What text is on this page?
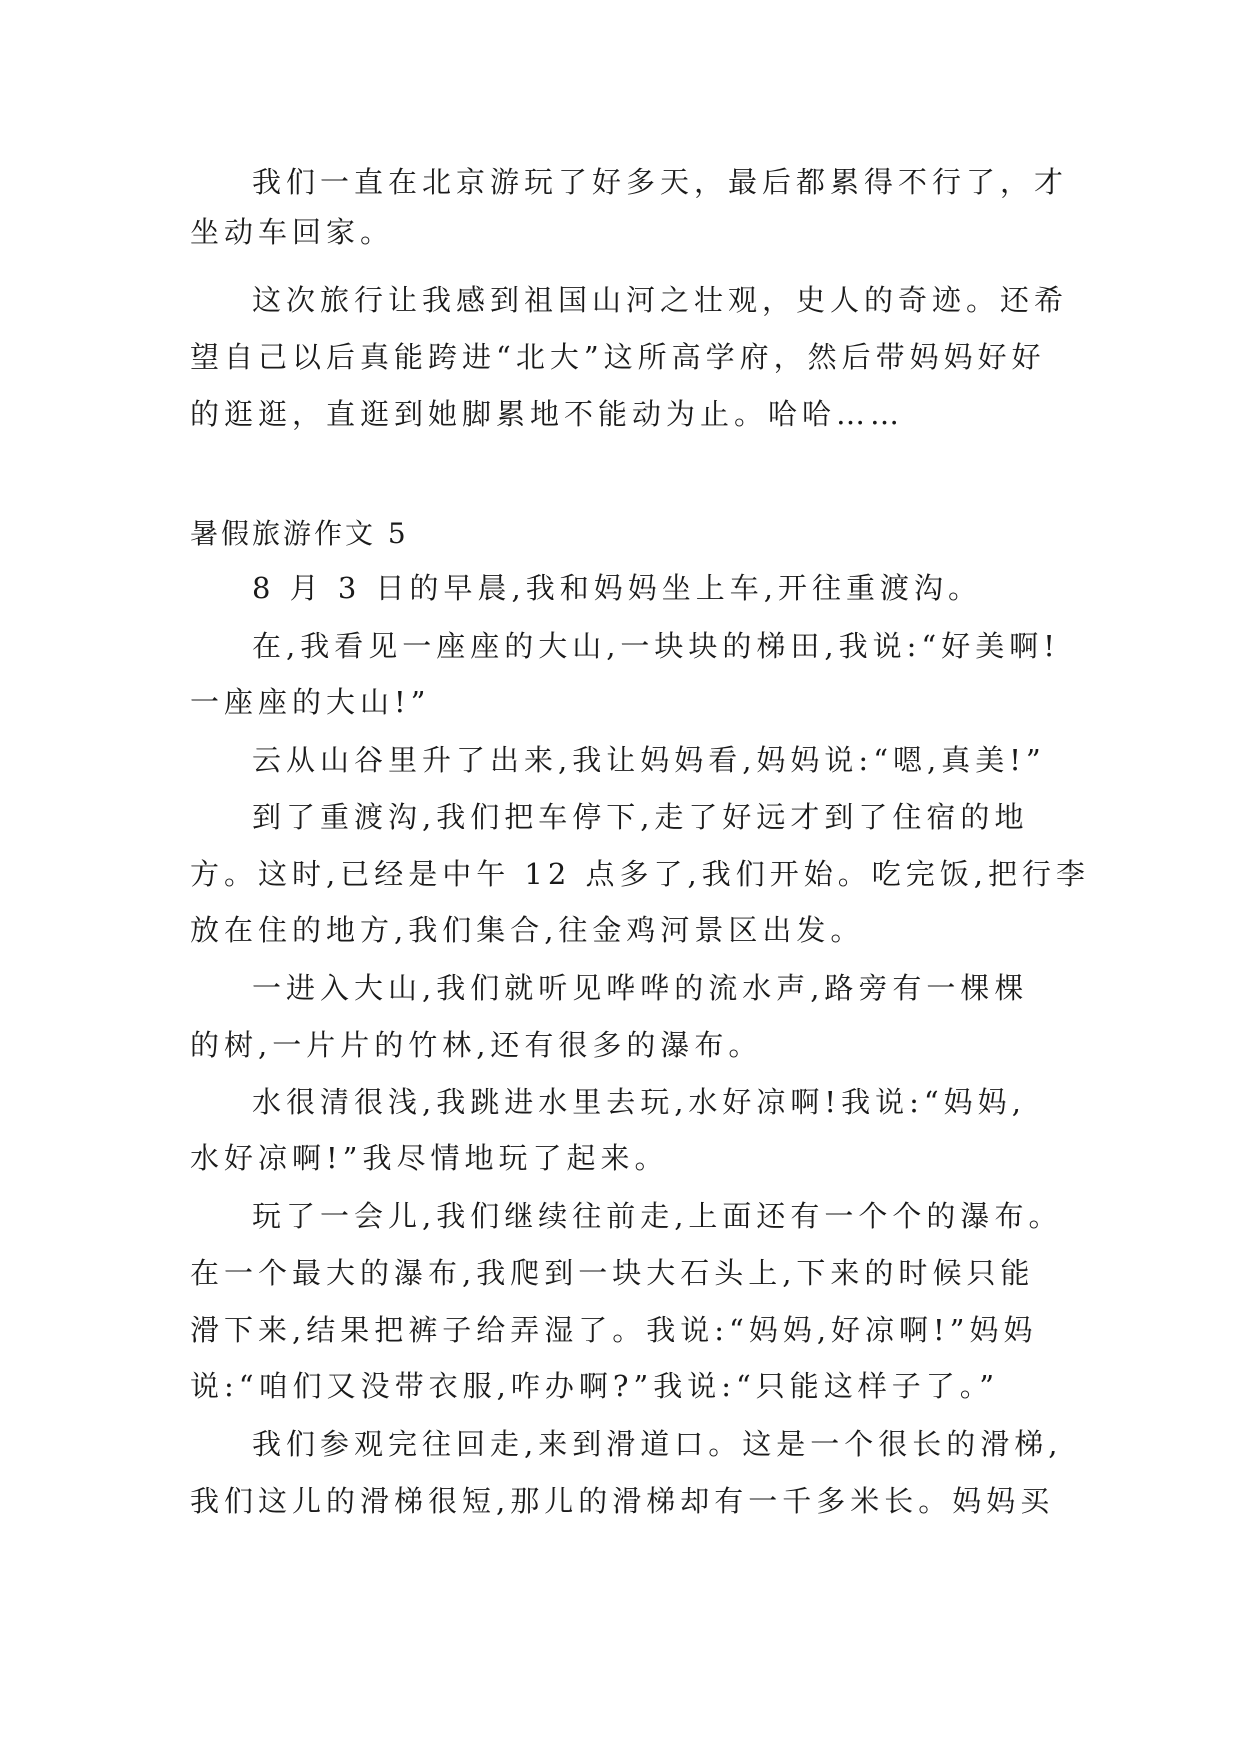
我们一直在北京游玩了好多天，最后都累得不行了，才
坐动车回家。
这次旅行让我感到祖国山河之壮观，史人的奇迹。还希
望自己以后真能跨进“北大”这所高学府，然后带妈妈好好
的逛逛，直逛到她脚累地不能动为止。哈哈……
暑假旅游作文 5
8 月 3 日的早晨,我和妈妈坐上车,开往重渡沟。
在,我看见一座座的大山,一块块的梯田,我说:“好美啊!
一座座的大山!”
云从山谷里升了出来,我让妈妈看,妈妈说:“嗯,真美!”
到了重渡沟,我们把车停下,走了好远才到了住宿的地
方。这时,已经是中午 12 点多了,我们开始。吃完饭,把行李
放在住的地方,我们集合,往金鸡河景区出发。
一进入大山,我们就听见哗哗的流水声,路旁有一棵棵
的树,一片片的竹林,还有很多的瀑布。
水很清很浅,我跳进水里去玩,水好凉啊!我说:“妈妈,
水好凉啊!”我尽情地玩了起来。
玩了一会儿,我们继续往前走,上面还有一个个的瀑布。
在一个最大的瀑布,我爬到一块大石头上,下来的时候只能
滑下来,结果把裤子给弄湿了。我说:“妈妈,好凉啊!”妈妈
说:“咱们又没带衣服,咋办啊?”我说:“只能这样子了。”
我们参观完往回走,来到滑道口。这是一个很长的滑梯,
我们这儿的滑梯很短,那儿的滑梯却有一千多米长。妈妈买
